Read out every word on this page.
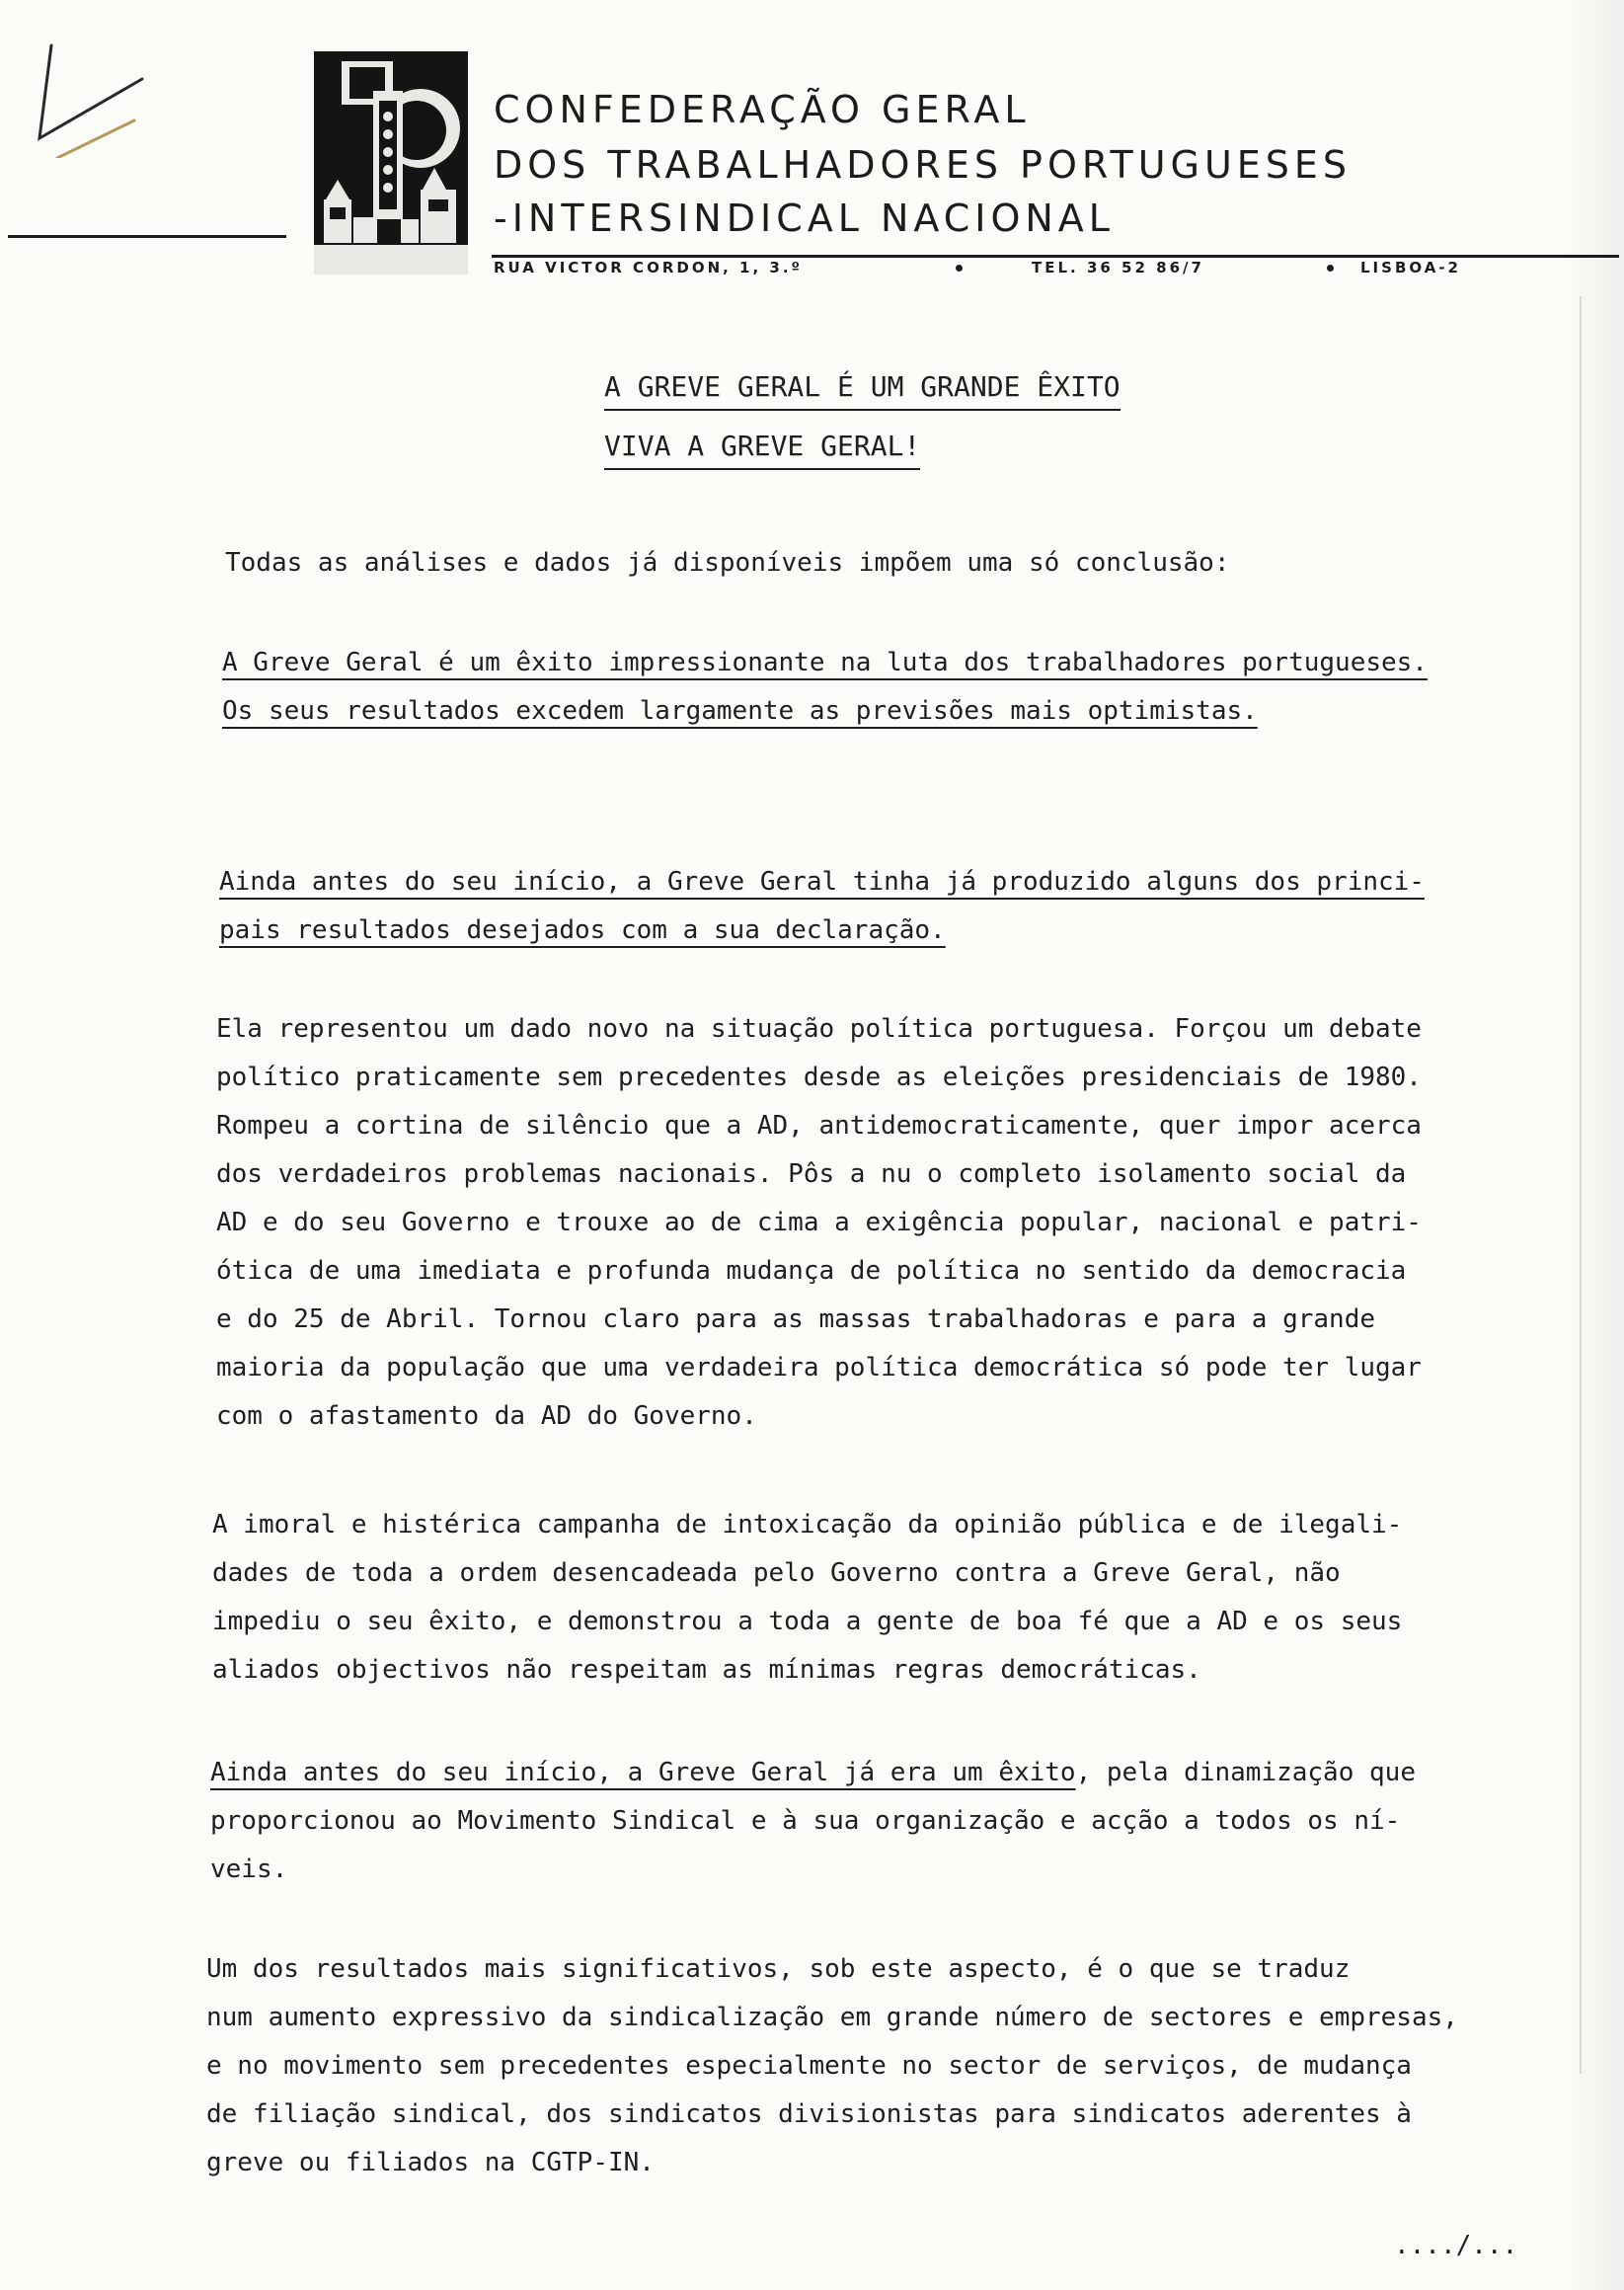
CONFEDERAÇÃO GERAL
DOS TRABALHADORES PORTUGUESES
-INTERSINDICAL NACIONAL
RUA VICTOR CORDON, 1, 3.º	TEL. 36 52 86/7	LISBOA-2
A GREVE GERAL É UM GRANDE ÊXITO
VIVA A GREVE GERAL!

Todas as análises e dados já disponíveis impõem uma só conclusão:

A Greve Geral é um êxito impressionante na luta dos trabalhadores portugueses.

Os seus resultados excedem largamente as previsões mais optimistas.

Ainda antes do seu início, a Greve Geral tinha já produzido alguns dos princi-

pais resultados desejados com a sua declaração.

Ela representou um dado novo na situação política portuguesa. Forçou um debate

político praticamente sem precedentes desde as eleições presidenciais de 1980.

Rompeu a cortina de silêncio que a AD, antidemocraticamente, quer impor acerca

dos verdadeiros problemas nacionais. Pôs a nu o completo isolamento social da

AD e do seu Governo e trouxe ao de cima a exigência popular, nacional e patri-

ótica de uma imediata e profunda mudança de política no sentido da democracia

e do 25 de Abril. Tornou claro para as massas trabalhadoras e para a grande

maioria da população que uma verdadeira política democrática só pode ter lugar

com o afastamento da AD do Governo.

A imoral e histérica campanha de intoxicação da opinião pública e de ilegali-

dades de toda a ordem desencadeada pelo Governo contra a Greve Geral, não

impediu o seu êxito, e demonstrou a toda a gente de boa fé que a AD e os seus

aliados objectivos não respeitam as mínimas regras democráticas.

Ainda antes do seu início, a Greve Geral já era um êxito, pela dinamização que

proporcionou ao Movimento Sindical e à sua organização e acção a todos os ní-

veis.

Um dos resultados mais significativos, sob este aspecto, é o que se traduz

num aumento expressivo da sindicalização em grande número de sectores e empresas,

e no movimento sem precedentes especialmente no sector de serviços, de mudança

de filiação sindical, dos sindicatos divisionistas para sindicatos aderentes à

greve ou filiados na CGTP-IN.

..../...
